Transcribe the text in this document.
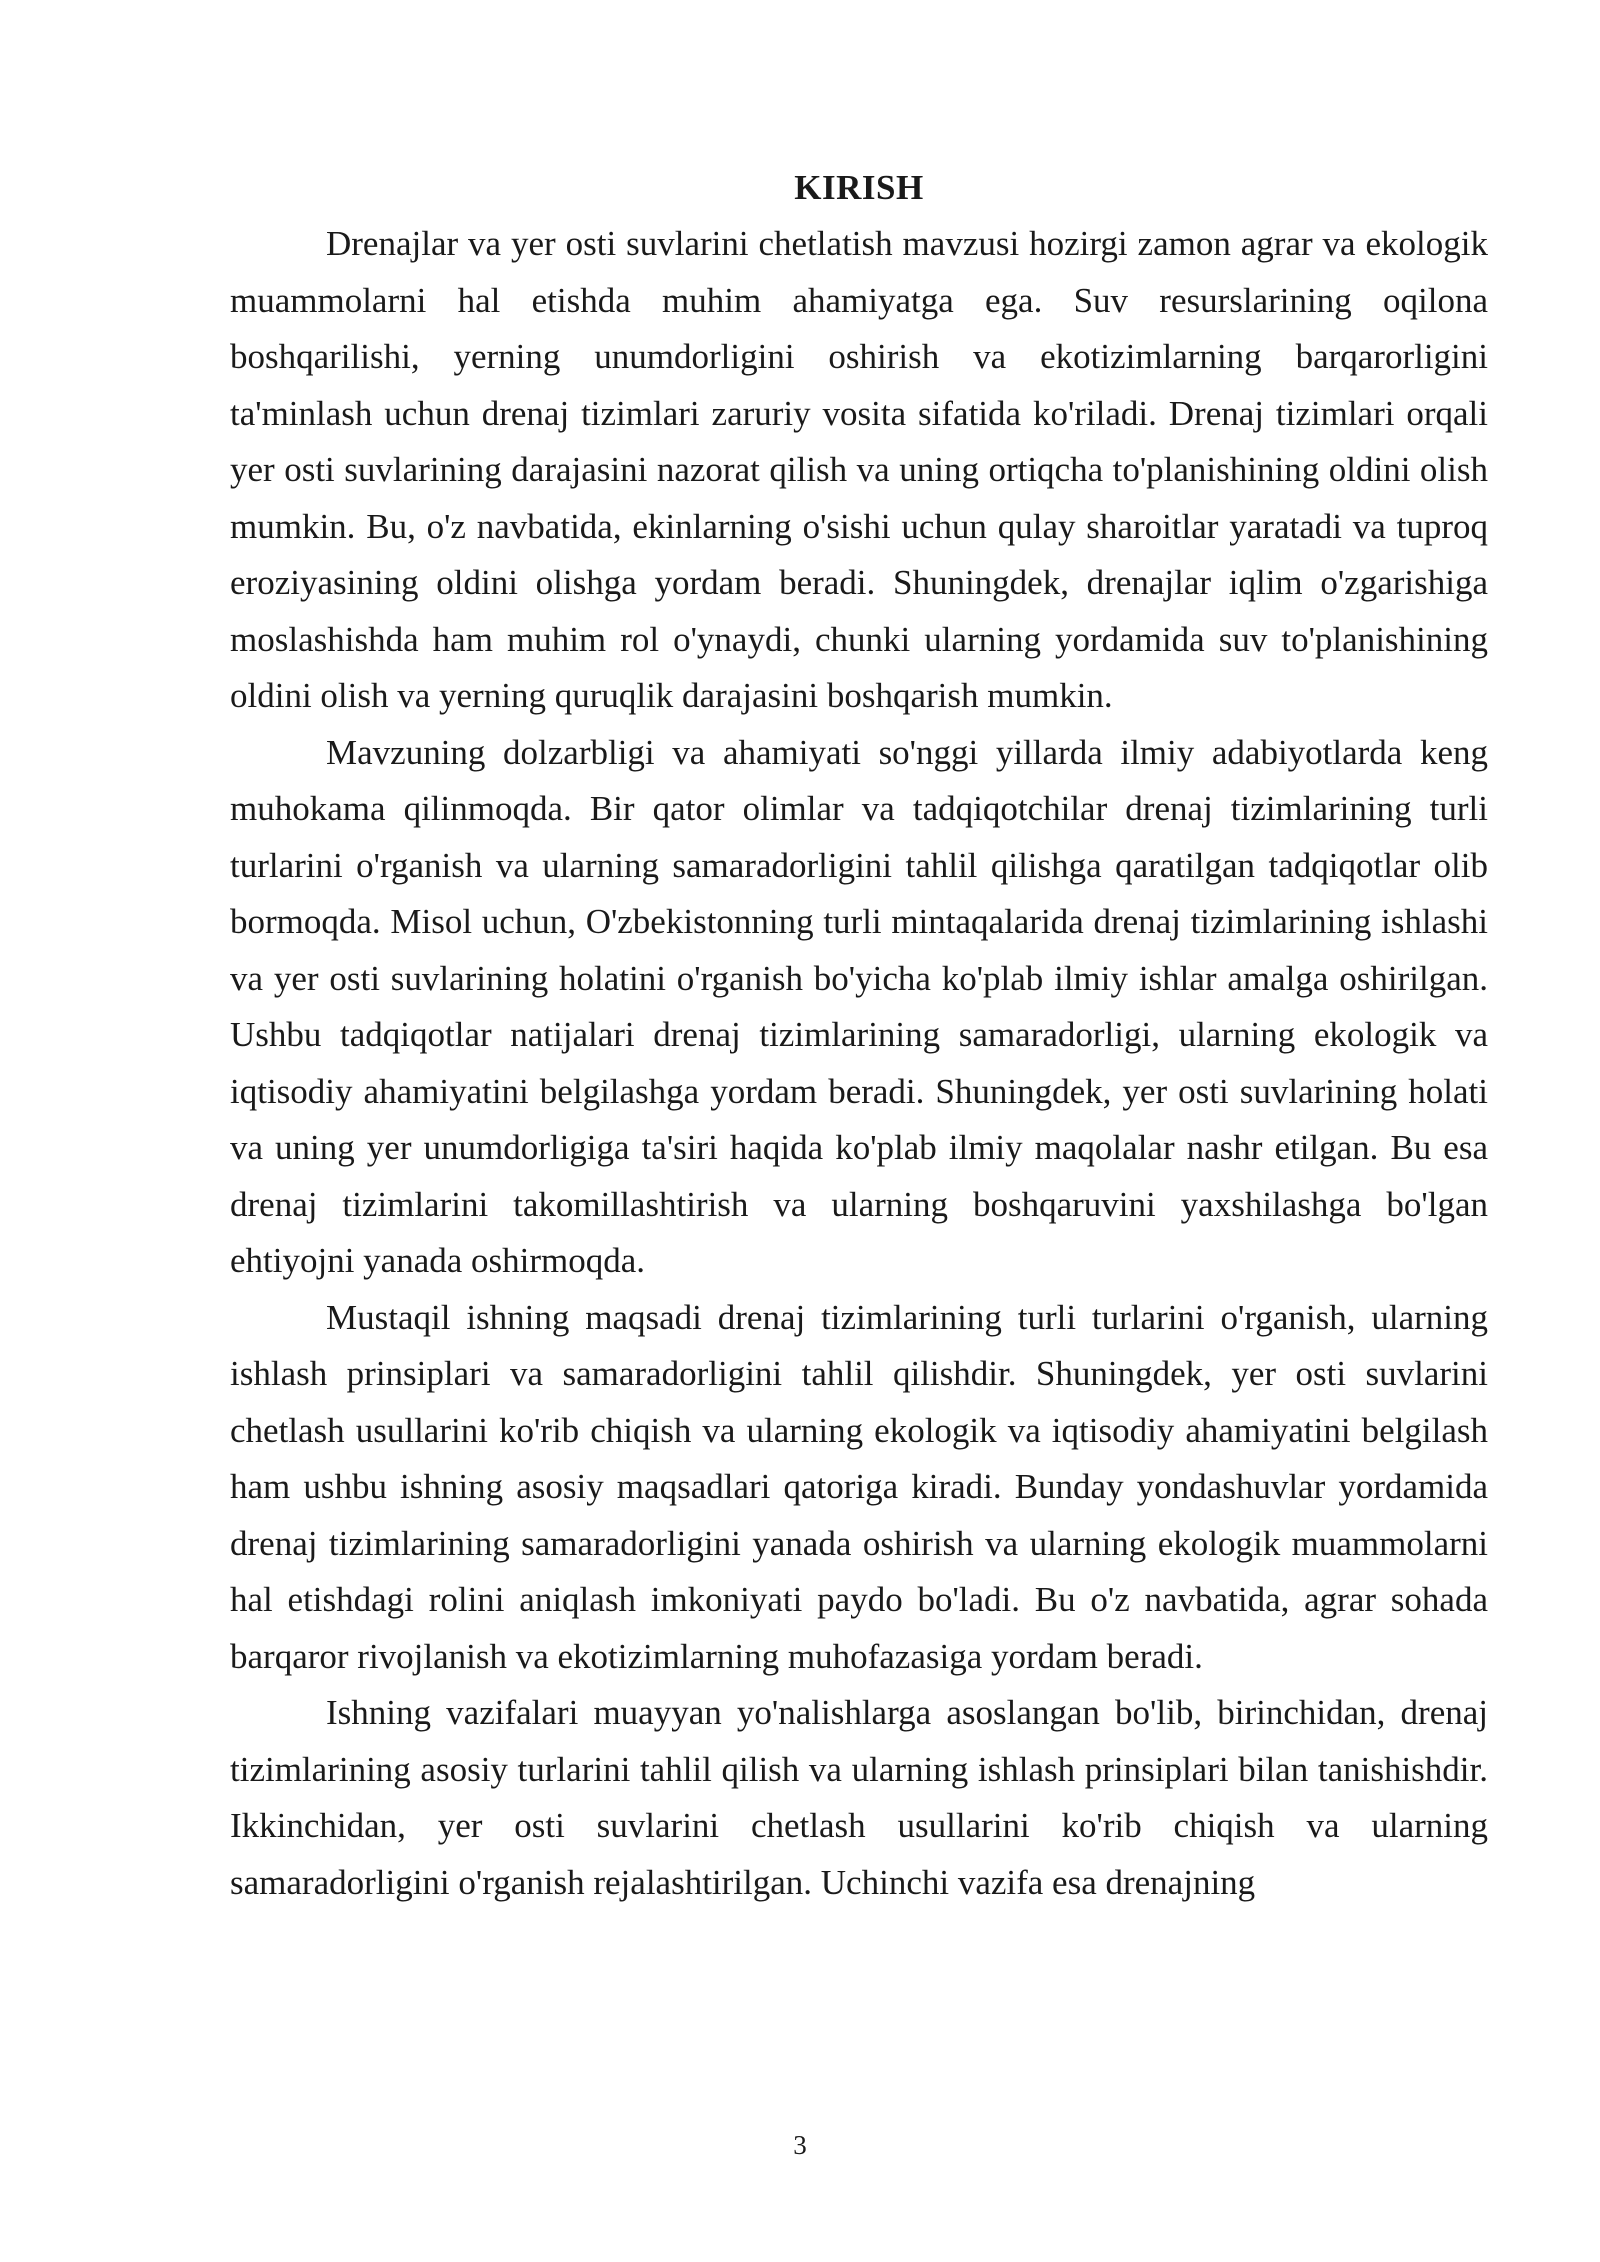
KIRISH

Drenajlar va yer osti suvlarini chetlatish mavzusi hozirgi zamon agrar va ekologik muammolarni hal etishda muhim ahamiyatga ega. Suv resurslarining oqilona boshqarilishi, yerning unumdorligini oshirish va ekotizimlarning barqarorligini ta'minlash uchun drenaj tizimlari zaruriy vosita sifatida ko'riladi. Drenaj tizimlari orqali yer osti suvlarining darajasini nazorat qilish va uning ortiqcha to'planishining oldini olish mumkin. Bu, o'z navbatida, ekinlarning o'sishi uchun qulay sharoitlar yaratadi va tuproq eroziyasining oldini olishga yordam beradi. Shuningdek, drenajlar iqlim o'zgarishiga moslashishda ham muhim rol o'ynaydi, chunki ularning yordamida suv to'planishining oldini olish va yerning quruqlik darajasini boshqarish mumkin.

Mavzuning dolzarbligi va ahamiyati so'nggi yillarda ilmiy adabiyotlarda keng muhokama qilinmoqda. Bir qator olimlar va tadqiqotchilar drenaj tizimlarining turli turlarini o'rganish va ularning samaradorligini tahlil qilishga qaratilgan tadqiqotlar olib bormoqda. Misol uchun, O'zbekistonning turli mintaqalarida drenaj tizimlarining ishlashi va yer osti suvlarining holatini o'rganish bo'yicha ko'plab ilmiy ishlar amalga oshirilgan. Ushbu tadqiqotlar natijalari drenaj tizimlarining samaradorligi, ularning ekologik va iqtisodiy ahamiyatini belgilashga yordam beradi. Shuningdek, yer osti suvlarining holati va uning yer unumdorligiga ta'siri haqida ko'plab ilmiy maqolalar nashr etilgan. Bu esa drenaj tizimlarini takomillashtirish va ularning boshqaruvini yaxshilashga bo'lgan ehtiyojni yanada oshirmoqda.

Mustaqil ishning maqsadi drenaj tizimlarining turli turlarini o'rganish, ularning ishlash prinsiplari va samaradorligini tahlil qilishdir. Shuningdek, yer osti suvlarini chetlash usullarini ko'rib chiqish va ularning ekologik va iqtisodiy ahamiyatini belgilash ham ushbu ishning asosiy maqsadlari qatoriga kiradi. Bunday yondashuvlar yordamida drenaj tizimlarining samaradorligini yanada oshirish va ularning ekologik muammolarni hal etishdagi rolini aniqlash imkoniyati paydo bo'ladi. Bu o'z navbatida, agrar sohada barqaror rivojlanish va ekotizimlarning muhofazasiga yordam beradi.

Ishning vazifalari muayyan yo'nalishlarga asoslangan bo'lib, birinchidan, drenaj tizimlarining asosiy turlarini tahlil qilish va ularning ishlash prinsiplari bilan tanishishdir. Ikkinchidan, yer osti suvlarini chetlash usullarini ko'rib chiqish va ularning samaradorligini o'rganish rejalashtirilgan. Uchinchi vazifa esa drenajning

3
